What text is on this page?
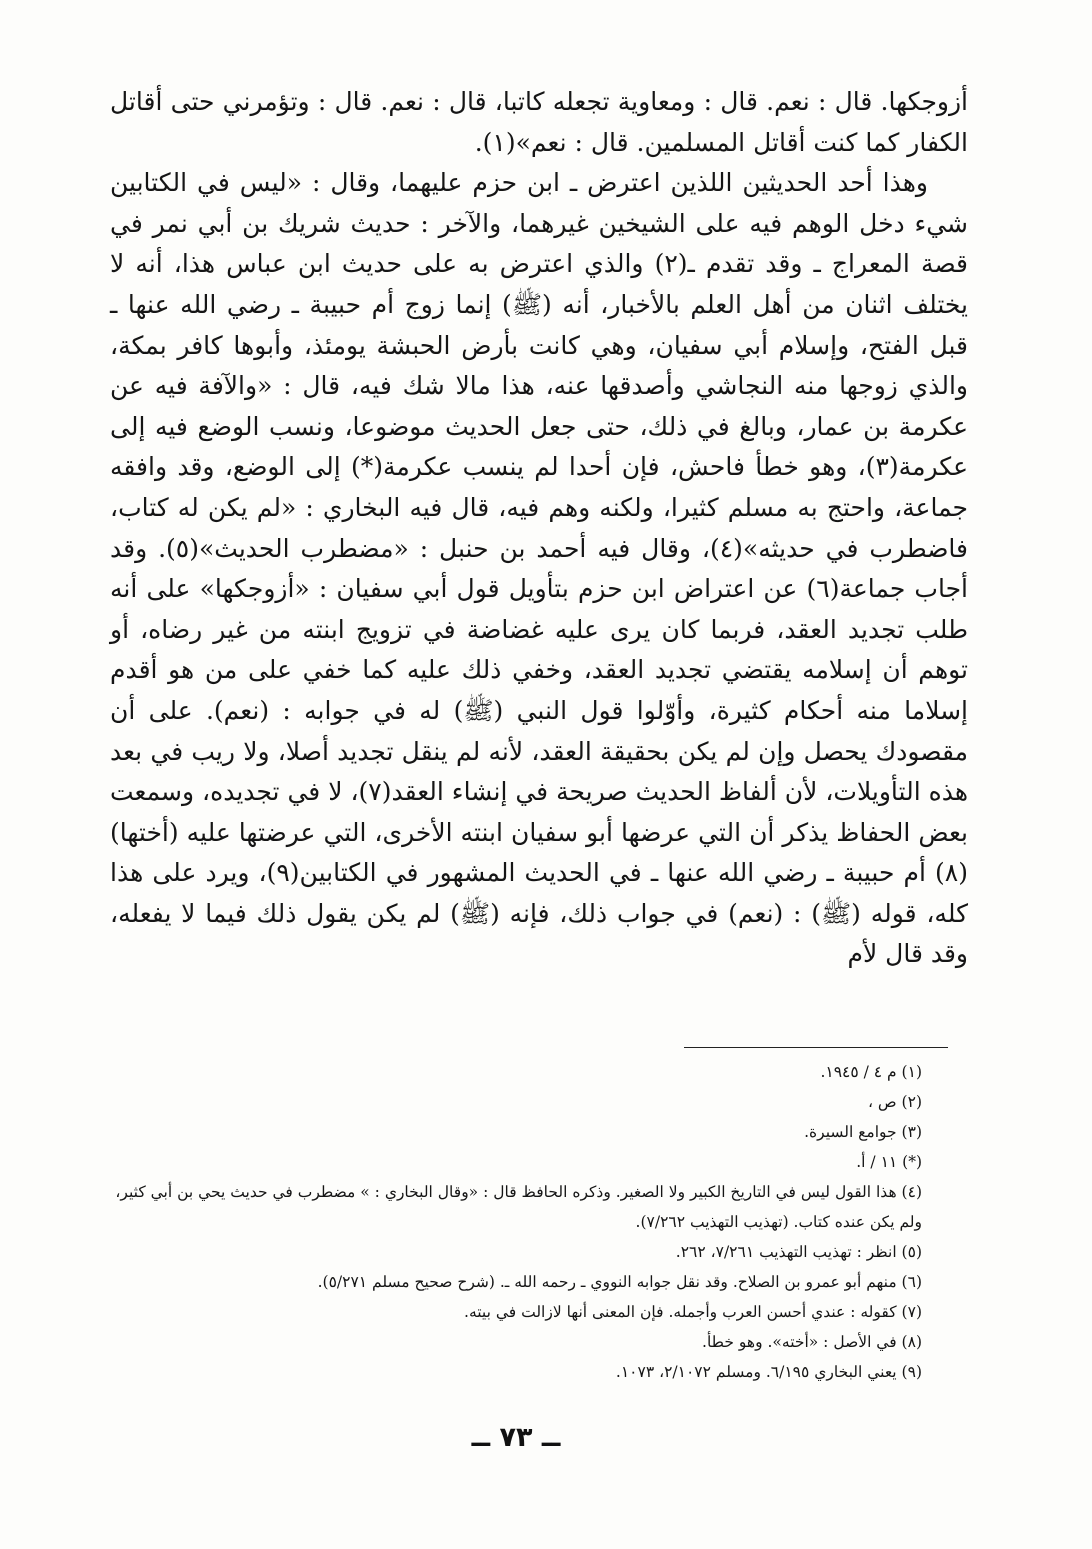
أزوجكها. قال : نعم. قال : ومعاوية تجعله كاتبا، قال : نعم. قال : وتؤمرني حتى أقاتل الكفار كما كنت أقاتل المسلمين. قال : نعم»(١).

وهذا أحد الحديثين اللذين اعترض ـ ابن حزم عليهما، وقال : «ليس في الكتابين شيء دخل الوهم فيه على الشيخين غيرهما، والآخر : حديث شريك بن أبي نمر في قصة المعراج ـ وقد تقدم ـ(٢) والذي اعترض به على حديث ابن عباس هذا، أنه لا يختلف اثنان من أهل العلم بالأخبار، أنه (ﷺ) إنما زوج أم حبيبة ـ رضي الله عنها ـ قبل الفتح، وإسلام أبي سفيان، وهي كانت بأرض الحبشة يومئذ، وأبوها كافر بمكة، والذي زوجها منه النجاشي وأصدقها عنه، هذا مالا شك فيه، قال : «والآفة فيه عن عكرمة بن عمار، وبالغ في ذلك، حتى جعل الحديث موضوعا، ونسب الوضع فيه إلى عكرمة(٣)، وهو خطأ فاحش، فإن أحدا لم ينسب عكرمة(*) إلى الوضع، وقد وافقه جماعة، واحتج به مسلم كثيرا، ولكنه وهم فيه، قال فيه البخاري : «لم يكن له كتاب، فاضطرب في حديثه»(٤)، وقال فيه أحمد بن حنبل : «مضطرب الحديث»(٥). وقد أجاب جماعة(٦) عن اعتراض ابن حزم بتأويل قول أبي سفيان : «أزوجكها» على أنه طلب تجديد العقد، فربما كان يرى عليه غضاضة في تزويج ابنته من غير رضاه، أو توهم أن إسلامه يقتضي تجديد العقد، وخفي ذلك عليه كما خفي على من هو أقدم إسلاما منه أحكام كثيرة، وأوّلوا قول النبي (ﷺ) له في جوابه : (نعم). على أن مقصودك يحصل وإن لم يكن بحقيقة العقد، لأنه لم ينقل تجديد أصلا، ولا ريب في بعد هذه التأويلات، لأن ألفاظ الحديث صريحة في إنشاء العقد(٧)، لا في تجديده، وسمعت بعض الحفاظ يذكر أن التي عرضها أبو سفيان ابنته الأخرى، التي عرضتها عليه (أختها)(٨) أم حبيبة ـ رضي الله عنها ـ في الحديث المشهور في الكتابين(٩)، ويرد على هذا كله، قوله (ﷺ) : (نعم) في جواب ذلك، فإنه (ﷺ) لم يكن يقول ذلك فيما لا يفعله، وقد قال لأم

(١) م ٤ / ١٩٤٥.
(٢) ص ،
(٣) جوامع السيرة.
(*) ١١ / أ.
(٤) هذا القول ليس في التاريخ الكبير ولا الصغير. وذكره الحافظ قال : «وقال البخاري : » مضطرب في حديث يحي بن أبي كثير، ولم يكن عنده كتاب. (تهذيب التهذيب ٧/٢٦٢).
(٥) انظر : تهذيب التهذيب ٧/٢٦١، ٢٦٢.
(٦) منهم أبو عمرو بن الصلاح. وقد نقل جوابه النووي ـ رحمه الله ـ. (شرح صحيح مسلم ٥/٢٧١).
(٧) كقوله : عندي أحسن العرب وأجمله. فإن المعنى أنها لازالت في بيته.
(٨) في الأصل : «أخته». وهو خطأ.
(٩) يعني البخاري ٦/١٩٥. ومسلم ٢/١٠٧٢، ١٠٧٣.
ــ ٧٣ ــ
